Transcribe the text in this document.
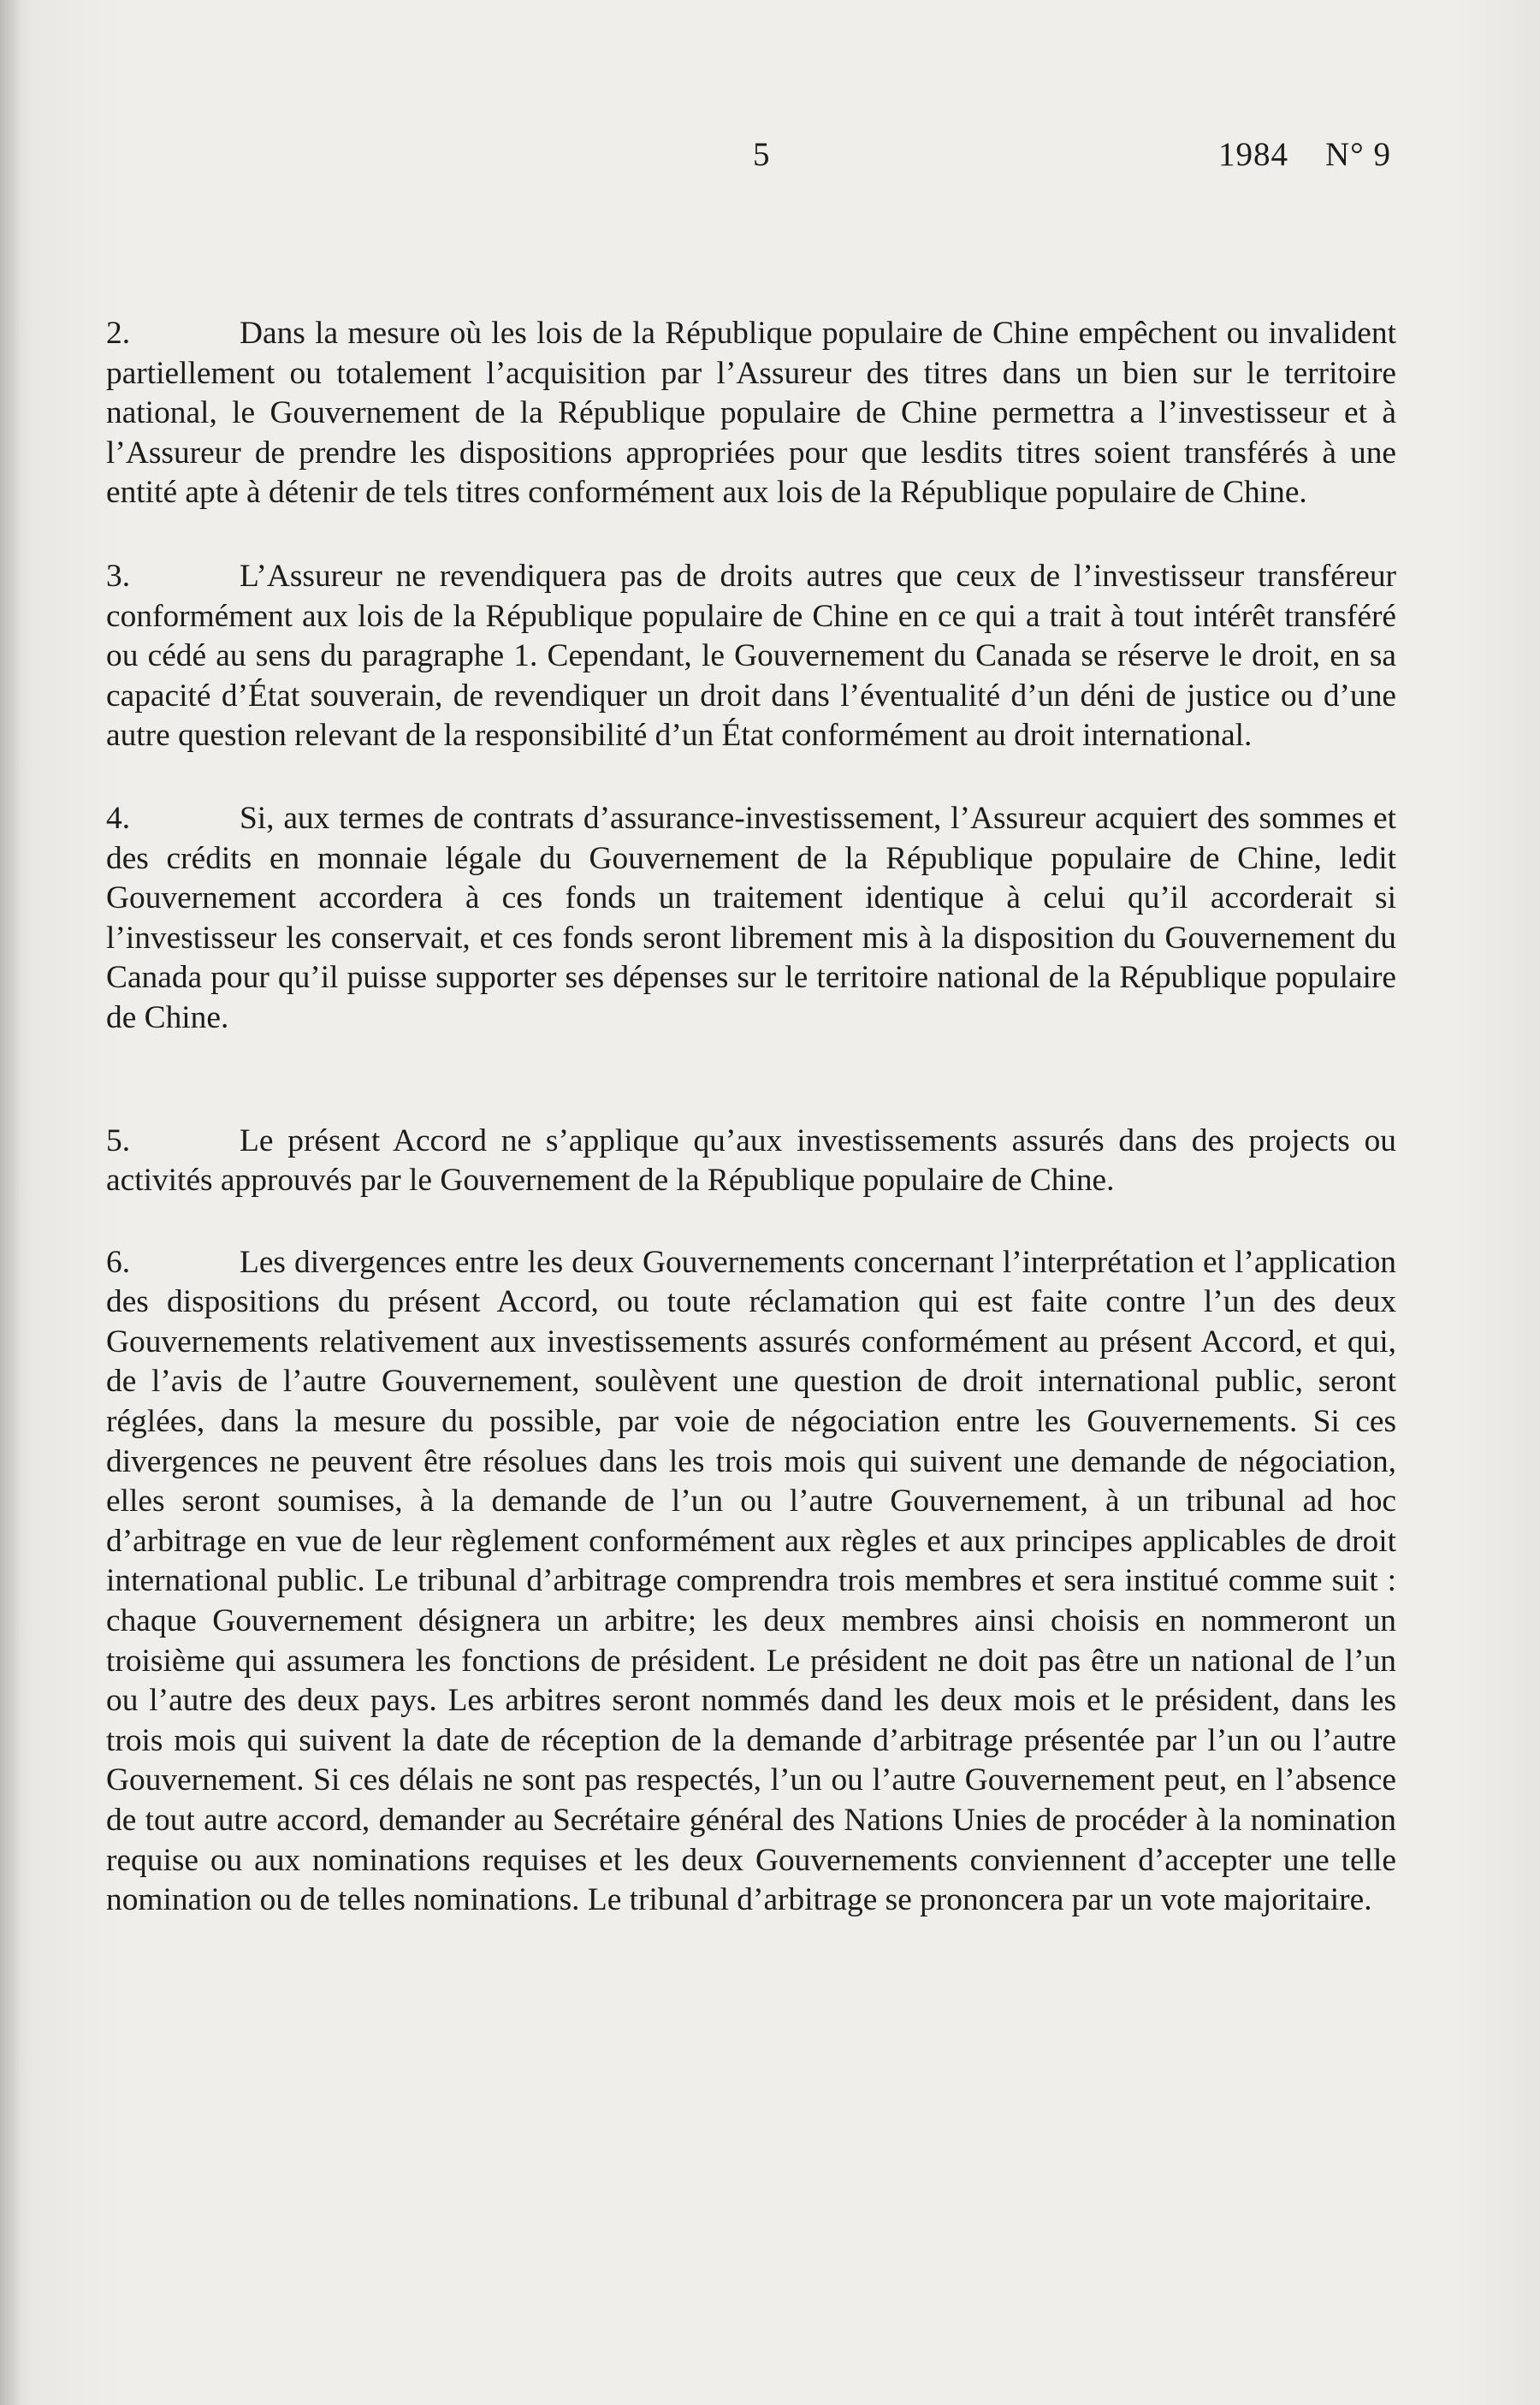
5	1984    N° 9

2.	Dans la mesure où les lois de la République populaire de Chine empêchent ou invalident partiellement ou totalement l’acquisition par l’Assureur des titres dans un bien sur le territoire national, le Gouvernement de la République populaire de Chine permettra a l’investisseur et à l’Assureur de prendre les dispositions appropriées pour que lesdits titres soient transférés à une entité apte à détenir de tels titres conformément aux lois de la République populaire de Chine.

3.	L’Assureur ne revendiquera pas de droits autres que ceux de l’investisseur transféreur conformément aux lois de la République populaire de Chine en ce qui a trait à tout intérêt transféré ou cédé au sens du paragraphe 1. Cependant, le Gouvernement du Canada se réserve le droit, en sa capacité d’État souverain, de revendiquer un droit dans l’éventualité d’un déni de justice ou d’une autre question relevant de la responsibilité d’un État conformément au droit international.

4.	Si, aux termes de contrats d’assurance-investissement, l’Assureur acquiert des sommes et des crédits en monnaie légale du Gouvernement de la République populaire de Chine, ledit Gouvernement accordera à ces fonds un traitement identique à celui qu’il accorderait si l’investisseur les conservait, et ces fonds seront librement mis à la disposition du Gouvernement du Canada pour qu’il puisse supporter ses dépenses sur le territoire national de la République populaire de Chine.

5.	Le présent Accord ne s’applique qu’aux investissements assurés dans des projects ou activités approuvés par le Gouvernement de la République populaire de Chine.

6.	Les divergences entre les deux Gouvernements concernant l’interprétation et l’application des dispositions du présent Accord, ou toute réclamation qui est faite contre l’un des deux Gouvernements relativement aux investissements assurés conformément au présent Accord, et qui, de l’avis de l’autre Gouvernement, soulèvent une question de droit international public, seront réglées, dans la mesure du possible, par voie de négociation entre les Gouvernements. Si ces divergences ne peuvent être résolues dans les trois mois qui suivent une demande de négociation, elles seront soumises, à la demande de l’un ou l’autre Gouvernement, à un tribunal ad hoc d’arbitrage en vue de leur règlement conformément aux règles et aux principes applicables de droit international public. Le tribunal d’arbitrage comprendra trois membres et sera institué comme suit : chaque Gouvernement désignera un arbitre; les deux membres ainsi choisis en nommeront un troisième qui assumera les fonctions de président. Le président ne doit pas être un national de l’un ou l’autre des deux pays. Les arbitres seront nommés dand les deux mois et le président, dans les trois mois qui suivent la date de réception de la demande d’arbitrage présentée par l’un ou l’autre Gouvernement. Si ces délais ne sont pas respectés, l’un ou l’autre Gouvernement peut, en l’absence de tout autre accord, demander au Secrétaire général des Nations Unies de procéder à la nomination requise ou aux nominations requises et les deux Gouvernements conviennent d’accepter une telle nomination ou de telles nominations. Le tribunal d’arbitrage se prononcera par un vote majoritaire.
